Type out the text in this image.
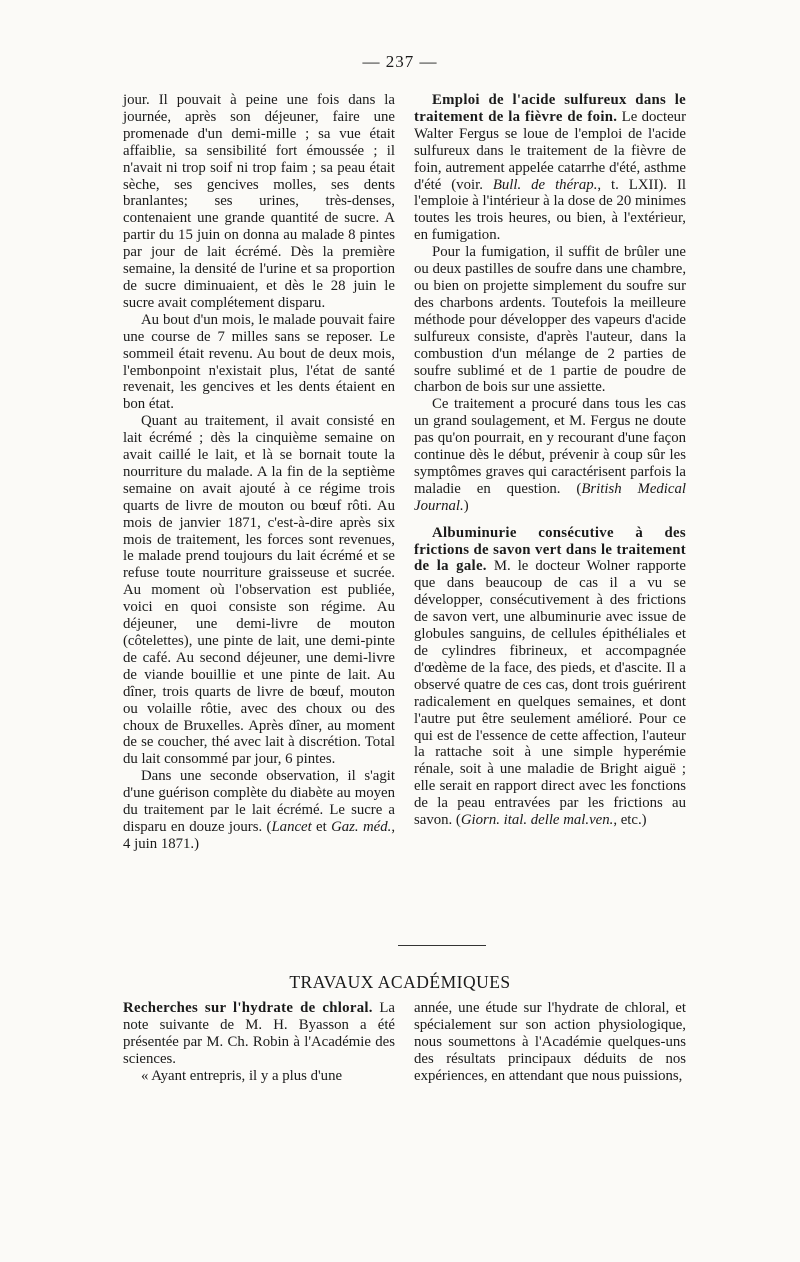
— 237 —

jour. Il pouvait à peine une fois dans la journée, après son déjeuner, faire une promenade d'un demi-mille ; sa vue était affaiblie, sa sensibilité fort émoussée ; il n'avait ni trop soif ni trop faim ; sa peau était sèche, ses gencives molles, ses dents branlantes; ses urines, très-denses, contenaient une grande quantité de sucre. A partir du 15 juin on donna au malade 8 pintes par jour de lait écrémé. Dès la première semaine, la densité de l'urine et sa proportion de sucre diminuaient, et dès le 28 juin le sucre avait complétement disparu.

Au bout d'un mois, le malade pouvait faire une course de 7 milles sans se reposer. Le sommeil était revenu. Au bout de deux mois, l'embonpoint n'existait plus, l'état de santé revenait, les gencives et les dents étaient en bon état.

Quant au traitement, il avait consisté en lait écrémé ; dès la cinquième semaine on avait caillé le lait, et là se bornait toute la nourriture du malade. A la fin de la septième semaine on avait ajouté à ce régime trois quarts de livre de mouton ou bœuf rôti. Au mois de janvier 1871, c'est-à-dire après six mois de traitement, les forces sont revenues, le malade prend toujours du lait écrémé et se refuse toute nourriture graisseuse et sucrée. Au moment où l'observation est publiée, voici en quoi consiste son régime. Au déjeuner, une demi-livre de mouton (côtelettes), une pinte de lait, une demi-pinte de café. Au second déjeuner, une demi-livre de viande bouillie et une pinte de lait. Au dîner, trois quarts de livre de bœuf, mouton ou volaille rôtie, avec des choux ou des choux de Bruxelles. Après dîner, au moment de se coucher, thé avec lait à discrétion. Total du lait consommé par jour, 6 pintes.

Dans une seconde observation, il s'agit d'une guérison complète du diabète au moyen du traitement par le lait écrémé. Le sucre a disparu en douze jours. (Lancet et Gaz. méd., 4 juin 1871.)

Emploi de l'acide sulfureux dans le traitement de la fièvre de foin. Le docteur Walter Fergus se loue de l'emploi de l'acide sulfureux dans le traitement de la fièvre de foin, autrement appelée catarrhe d'été, asthme d'été (voir. Bull. de thérap., t. LXII). Il l'emploie à l'intérieur à la dose de 20 minimes toutes les trois heures, ou bien, à l'extérieur, en fumigation.

Pour la fumigation, il suffit de brûler une ou deux pastilles de soufre dans une chambre, ou bien on projette simplement du soufre sur des charbons ardents. Toutefois la meilleure méthode pour développer des vapeurs d'acide sulfureux consiste, d'après l'auteur, dans la combustion d'un mélange de 2 parties de soufre sublimé et de 1 partie de poudre de charbon de bois sur une assiette.

Ce traitement a procuré dans tous les cas un grand soulagement, et M. Fergus ne doute pas qu'on pourrait, en y recourant d'une façon continue dès le début, prévenir à coup sûr les symptômes graves qui caractérisent parfois la maladie en question. (British Medical Journal.)

Albuminurie consécutive à des frictions de savon vert dans le traitement de la gale. M. le docteur Wolner rapporte que dans beaucoup de cas il a vu se développer, consécutivement à des frictions de savon vert, une albuminurie avec issue de globules sanguins, de cellules épithéliales et de cylindres fibrineux, et accompagnée d'œdème de la face, des pieds, et d'ascite. Il a observé quatre de ces cas, dont trois guérirent radicalement en quelques semaines, et dont l'autre put être seulement amélioré. Pour ce qui est de l'essence de cette affection, l'auteur la rattache soit à une simple hyperémie rénale, soit à une maladie de Bright aiguë ; elle serait en rapport direct avec les fonctions de la peau entravées par les frictions au savon. (Giorn. ital. delle mal.ven., etc.)

TRAVAUX ACADÉMIQUES

Recherches sur l'hydrate de chloral. La note suivante de M. H. Byasson a été présentée par M. Ch. Robin à l'Académie des sciences.

« Ayant entrepris, il y a plus d'une

année, une étude sur l'hydrate de chloral, et spécialement sur son action physiologique, nous soumettons à l'Académie quelques-uns des résultats principaux déduits de nos expériences, en attendant que nous puissions,
